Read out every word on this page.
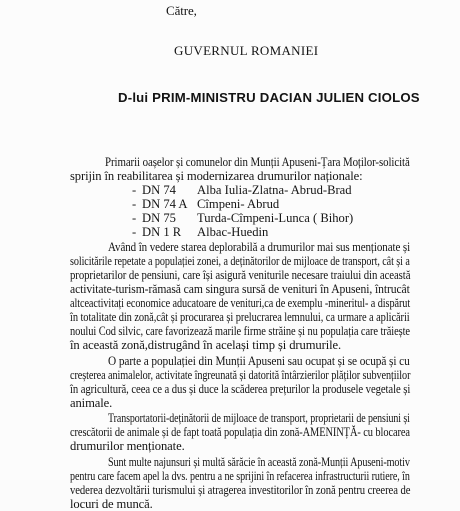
Către,
GUVERNUL ROMANIEI
D-lui PRIM-MINISTRU DACIAN JULIEN CIOLOS
Primarii oașelor și comunelor din Munții Apuseni-Țara Moților-solicită
sprijin în reabilitarea și modernizarea drumurilor naționale:
- DN 74 Alba Iulia-Zlatna- Abrud-Brad
- DN 74 A Cîmpeni- Abrud
- DN 75 Turda-Cîmpeni-Lunca ( Bihor)
- DN 1 R Albac-Huedin
Având în vedere starea deplorabilă a drumurilor mai sus menționate și
solicitările repetate a populației zonei, a deținătorilor de mijloace de transport, cât și a
proprietarilor de pensiuni, care își asigură veniturile necesare traiului din această
activitate-turism-rămasă cam singura sursă de venituri în Apuseni, întrucât
altceactivitați economice aducatoare de venituri,ca de exemplu -mineritul- a dispărut
în totalitate din zonă,cât și procurarea și prelucrarea lemnului, ca urmare a aplicării
noului Cod silvic, care favorizează marile firme străine și nu populația care trăiește
în această zonă,distrugând în același timp și drumurile.
O parte a populației din Munții Apuseni sau ocupat și se ocupă și cu
creșterea animalelor, activitate îngreunată și datorită întârzierilor plăților subvențiilor
în agricultură, ceea ce a dus și duce la scăderea prețurilor la produsele vegetale și
animale.
Transportatorii-deținătorii de mijloace de transport, proprietarii de pensiuni și
crescătorii de animale și de fapt toată populația din zonă-AMENINȚĂ- cu blocarea
drumurilor menționate.
Sunt multe najunsuri și multă sărăcie în această zonă-Munții Apuseni-motiv
pentru care facem apel la dvs. pentru a ne sprijini în refacerea infrastructurii rutiere, în
vederea dezvoltării turismului și atragerea investitorilor în zonă pentru creerea de
locuri de muncă.
